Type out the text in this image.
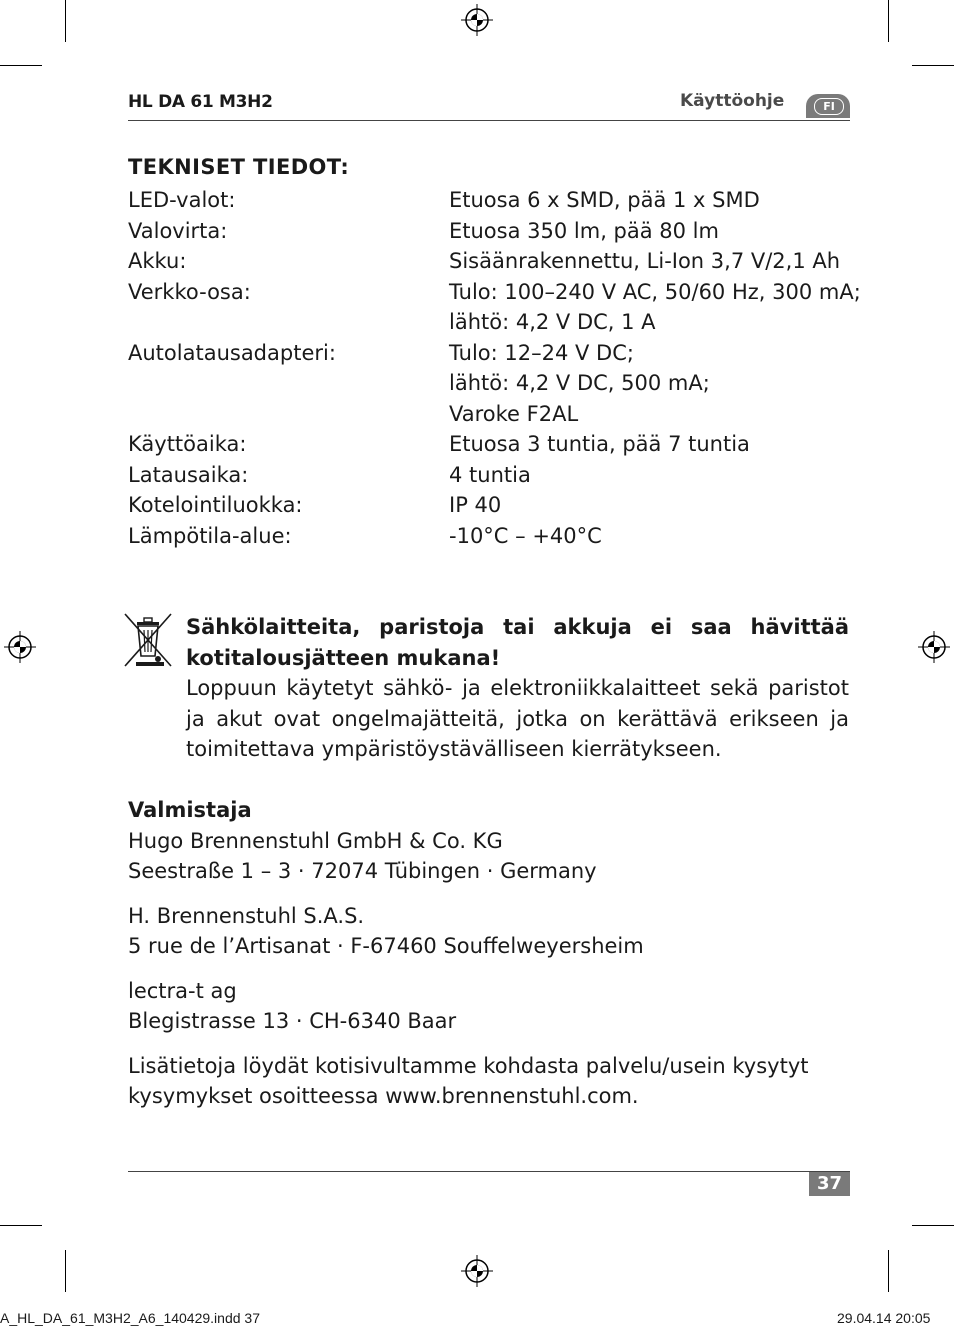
HL DA 61 M3H2	Käyttöohje	FI
TEKNISET TIEDOT:
LED-valot:	Etuosa 6 x SMD, pää 1 x SMD
Valovirta:	Etuosa 350 lm, pää 80 lm
Akku:	Sisäänrakennettu, Li-Ion 3,7 V/2,1 Ah
Verkko-osa:	Tulo: 100–240 V AC, 50/60 Hz, 300 mA;
lähtö: 4,2 V DC, 1 A
Autolatausadapteri:	Tulo: 12–24 V DC;
lähtö: 4,2 V DC, 500 mA;
Varoke F2AL
Käyttöaika:	Etuosa 3 tuntia, pää 7 tuntia
Latausaika:	4 tuntia
Kotelointiluokka:	IP 40
Lämpötila-alue:	-10°C – +40°C
Sähkölaitteita, paristoja tai akkuja ei saa hävittää kotitalousjätteen mukana!
Loppuun käytetyt sähkö- ja elektroniikkalaitteet sekä paristot ja akut ovat ongelmajätteitä, jotka on kerättävä erikseen ja toimitettava ympäristöystävälliseen kierrätykseen.
Valmistaja
Hugo Brennenstuhl GmbH & Co. KG
Seestraße 1 – 3 · 72074 Tübingen · Germany
H. Brennenstuhl S.A.S.
5 rue de l’Artisanat · F-67460 Souffelweyersheim
lectra-t ag
Blegistrasse 13 · CH-6340 Baar
Lisätietoja löydät kotisivultamme kohdasta palvelu/usein kysytyt
kysymykset osoitteessa www.brennenstuhl.com.
37
A_HL_DA_61_M3H2_A6_140429.indd 37	29.04.14 20:05
